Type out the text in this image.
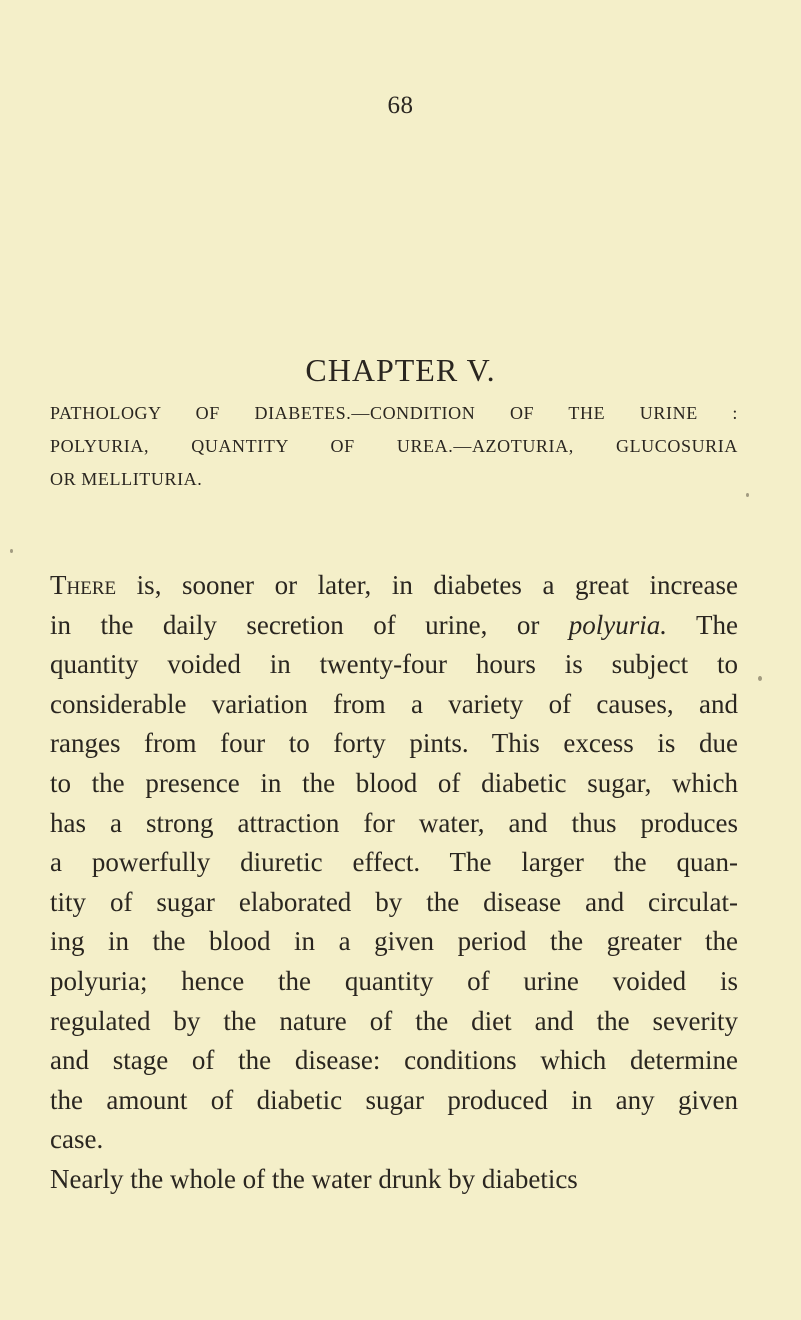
68
CHAPTER V.
PATHOLOGY OF DIABETES.—CONDITION OF THE URINE :
POLYURIA, QUANTITY OF UREA.—AZOTURIA, GLUCOSURIA
OR MELLITURIA.
There is, sooner or later, in diabetes a great increase
in the daily secretion of urine, or polyuria. The
quantity voided in twenty-four hours is subject to
considerable variation from a variety of causes, and
ranges from four to forty pints. This excess is due
to the presence in the blood of diabetic sugar, which
has a strong attraction for water, and thus produces
a powerfully diuretic effect. The larger the quan-
tity of sugar elaborated by the disease and circulat-
ing in the blood in a given period the greater the
polyuria; hence the quantity of urine voided is
regulated by the nature of the diet and the severity
and stage of the disease: conditions which determine
the amount of diabetic sugar produced in any given
case.
Nearly the whole of the water drunk by diabetics
